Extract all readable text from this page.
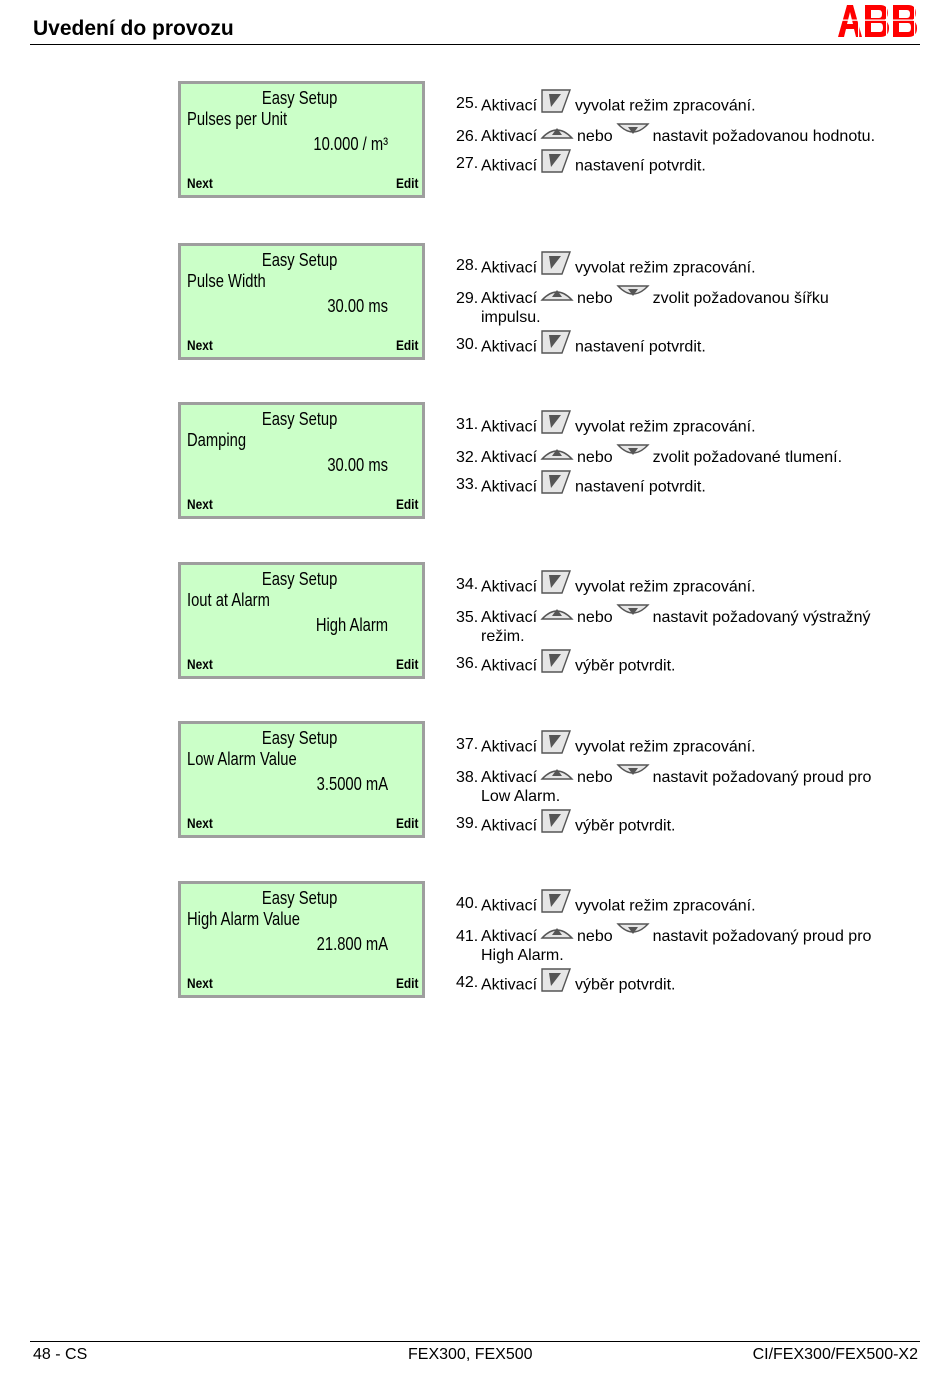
Uvedení do provozu
Easy Setup
Pulses per Unit
10.000 / m³
Next	Edit
25. Aktivací vyvolat režim zpracování.
26. Aktivací	nebo	nastavit požadovanou hodnotu.
27. Aktivací nastavení potvrdit.
Easy Setup
Pulse Width
30.00 ms
Next	Edit
28. Aktivací vyvolat režim zpracování.
29. Aktivací	nebo	zvolit požadovanou šířku
impulsu.
30. Aktivací nastavení potvrdit.
Easy Setup
Damping
30.00 ms
Next	Edit
31. Aktivací vyvolat režim zpracování.
32. Aktivací	nebo	zvolit požadované tlumení.
33. Aktivací nastavení potvrdit.
Easy Setup
Iout at Alarm
High Alarm
Next	Edit
34. Aktivací vyvolat režim zpracování.
35. Aktivací	nebo	nastavit požadovaný výstražný
režim.
36. Aktivací výběr potvrdit.
Easy Setup
Low Alarm Value
3.5000 mA
Next	Edit
37. Aktivací vyvolat režim zpracování.
38. Aktivací	nebo	nastavit požadovaný proud pro
Low Alarm.
39. Aktivací výběr potvrdit.
Easy Setup
High Alarm Value
21.800 mA
Next	Edit
40. Aktivací vyvolat režim zpracování.
41. Aktivací	nebo	nastavit požadovaný proud pro
High Alarm.
42. Aktivací výběr potvrdit.
48 - CS	FEX300, FEX500	CI/FEX300/FEX500-X2
